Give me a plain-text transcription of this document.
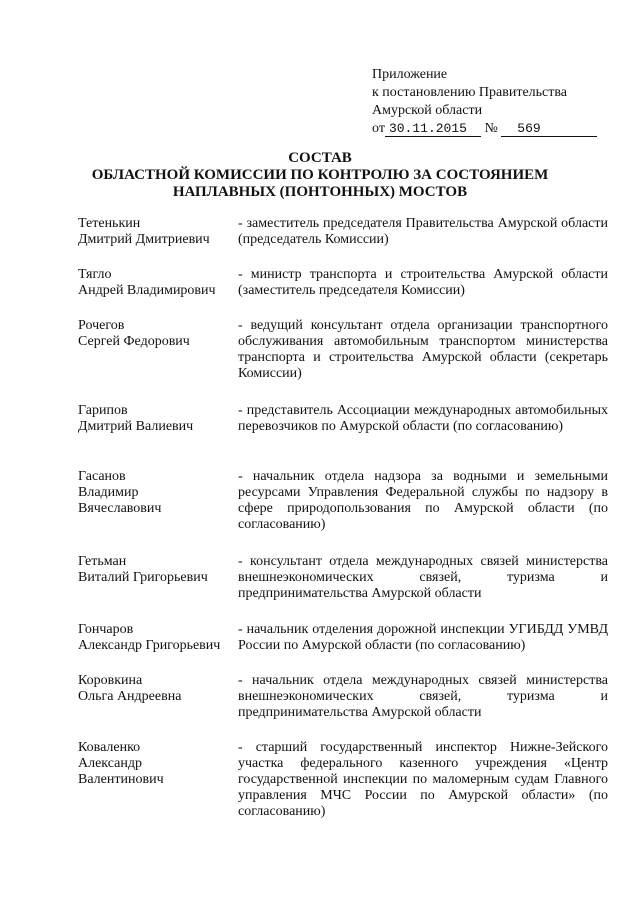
Приложение
к постановлению Правительства
Амурской области
от 30.11.2015 № 569
СОСТАВ
ОБЛАСТНОЙ КОМИССИИ ПО КОНТРОЛЮ ЗА СОСТОЯНИЕМ
НАПЛАВНЫХ (ПОНТОННЫХ) МОСТОВ
Тетенькин
Дмитрий Дмитриевич
- заместитель председателя Правительства Амурской области (председатель Комиссии)
Тягло
Андрей Владимирович
- министр транспорта и строительства Амурской области (заместитель председателя Комиссии)
Рочегов
Сергей Федорович
- ведущий консультант отдела организации транспортного обслуживания автомобильным транспортом министерства транспорта и строительства Амурской области (секретарь Комиссии)
Гарипов
Дмитрий Валиевич
- представитель Ассоциации международных автомобильных перевозчиков по Амурской области (по согласованию)
Гасанов
Владимир
Вячеславович
- начальник отдела надзора за водными и земельными ресурсами Управления Федеральной службы по надзору в сфере природопользования по Амурской области (по согласованию)
Гетьман
Виталий Григорьевич
- консультант отдела международных связей министерства внешнеэкономических связей, туризма и предпринимательства Амурской области
Гончаров
Александр Григорьевич
- начальник отделения дорожной инспекции УГИБДД УМВД России по Амурской области (по согласованию)
Коровкина
Ольга Андреевна
- начальник отдела международных связей министерства внешнеэкономических связей, туризма и предпринимательства Амурской области
Коваленко
Александр
Валентинович
- старший государственный инспектор Нижне-Зейского участка федерального казенного учреждения «Центр государственной инспекции по маломерным судам Главного управления МЧС России по Амурской области» (по согласованию)
